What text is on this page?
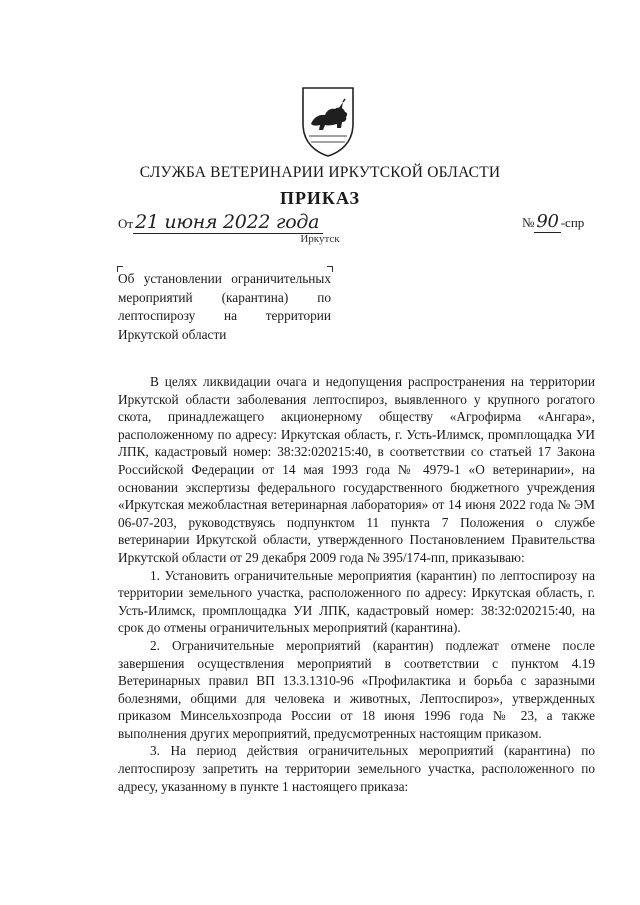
СЛУЖБА ВЕТЕРИНАРИИ ИРКУТСКОЙ ОБЛАСТИ
ПРИКАЗ
От 21 июня 2022 года	№ 90 -спр
Иркутск
Об установлении ограничительных мероприятий (карантина) по лептоспирозу на территории Иркутской области

В целях ликвидации очага и недопущения распространения на территории Иркутской области заболевания лептоспироз, выявленного у крупного рогатого скота, принадлежащего акционерному обществу «Агрофирма «Ангара», расположенному по адресу: Иркутская область, г. Усть-Илимск, промплощадка УИ ЛПК, кадастровый номер: 38:32:020215:40, в соответствии со статьей 17 Закона Российской Федерации от 14 мая 1993 года № 4979-1 «О ветеринарии», на основании экспертизы федерального государственного бюджетного учреждения «Иркутская межобластная ветеринарная лаборатория» от 14 июня 2022 года № ЭМ 06-07-203, руководствуясь подпунктом 11 пункта 7 Положения о службе ветеринарии Иркутской области, утвержденного Постановлением Правительства Иркутской области от 29 декабря 2009 года № 395/174-пп, приказываю:

1. Установить ограничительные мероприятия (карантин) по лептоспирозу на территории земельного участка, расположенного по адресу: Иркутская область, г. Усть-Илимск, промплощадка УИ ЛПК, кадастровый номер: 38:32:020215:40, на срок до отмены ограничительных мероприятий (карантина).

2. Ограничительные мероприятий (карантин) подлежат отмене после завершения осуществления мероприятий в соответствии с пунктом 4.19 Ветеринарных правил ВП 13.3.1310-96 «Профилактика и борьба с заразными болезнями, общими для человека и животных, Лептоспироз», утвержденных приказом Минсельхозпрода России от 18 июня 1996 года № 23, а также выполнения других мероприятий, предусмотренных настоящим приказом.

3. На период действия ограничительных мероприятий (карантина) по лептоспирозу запретить на территории земельного участка, расположенного по адресу, указанному в пункте 1 настоящего приказа:
